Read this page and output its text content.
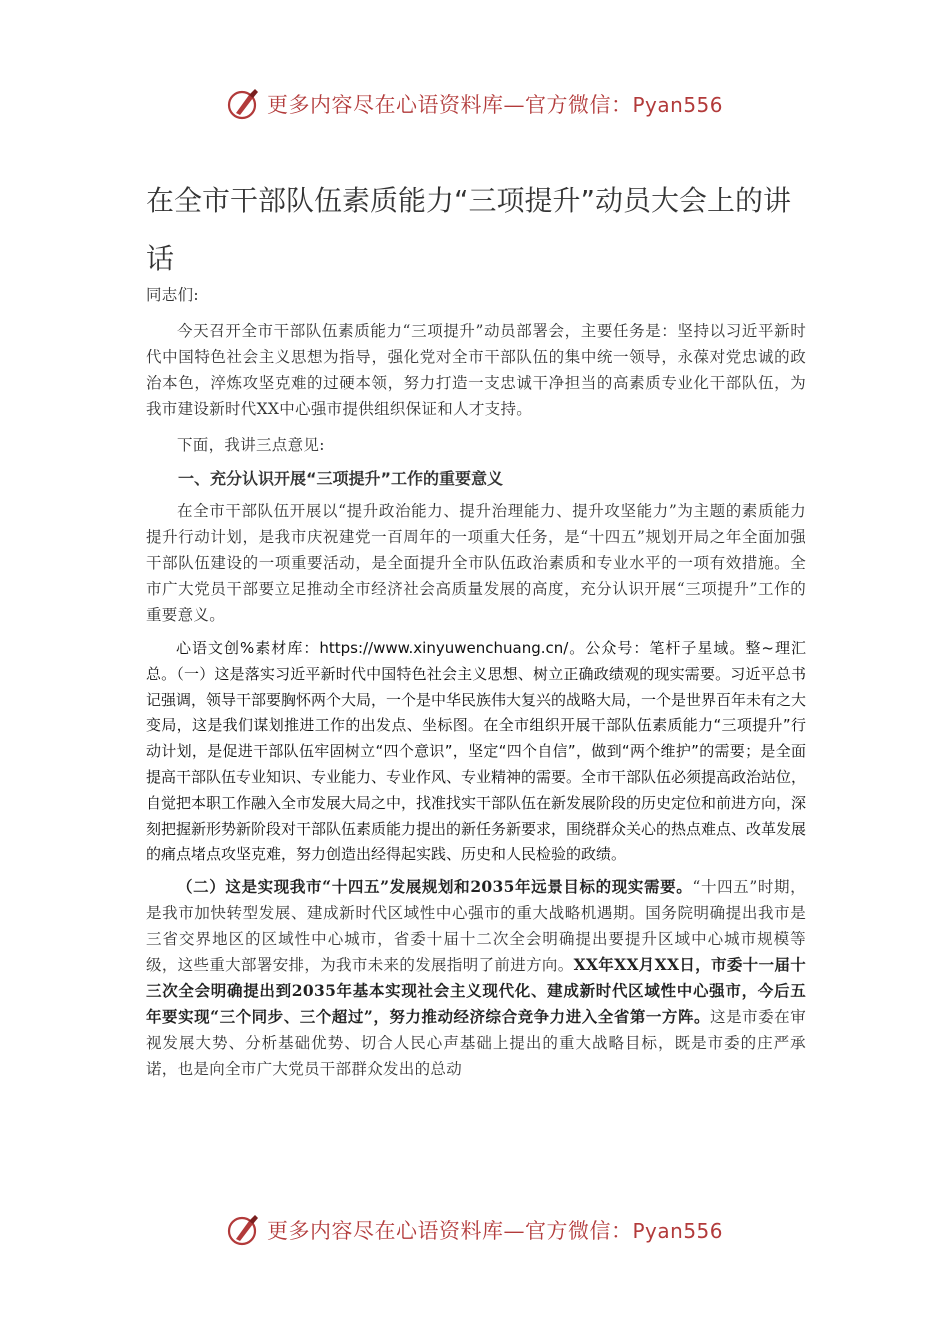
更多内容尽在心语资料库—官方微信：Pyan556
在全市干部队伍素质能力“三项提升”动员大会上的讲话

同志们:

今天召开全市干部队伍素质能力“三项提升”动员部署会，主要任务是：坚持以习近平新时代中国特色社会主义思想为指导，强化党对全市干部队伍的集中统一领导，永葆对党忠诚的政治本色，淬炼攻坚克难的过硬本领，努力打造一支忠诚干净担当的高素质专业化干部队伍，为我市建设新时代XX中心强市提供组织保证和人才支持。

下面，我讲三点意见:

一、充分认识开展“三项提升”工作的重要意义

在全市干部队伍开展以“提升政治能力、提升治理能力、提升攻坚能力”为主题的素质能力提升行动计划，是我市庆祝建党一百周年的一项重大任务，是“十四五”规划开局之年全面加强干部队伍建设的一项重要活动，是全面提升全市队伍政治素质和专业水平的一项有效措施。全市广大党员干部要立足推动全市经济社会高质量发展的高度，充分认识开展“三项提升”工作的重要意义。

心语文创%素材库：https://www.xinyuwenchuang.cn/。公众号：笔杆子星域。整~理汇总。（一）这是落实习近平新时代中国特色社会主义思想、树立正确政绩观的现实需要。习近平总书记强调，领导干部要胸怀两个大局，一个是中华民族伟大复兴的战略大局，一个是世界百年未有之大变局，这是我们谋划推进工作的出发点、坐标图。在全市组织开展干部队伍素质能力“三项提升”行动计划，是促进干部队伍牢固树立“四个意识”，坚定“四个自信”，做到“两个维护”的需要；是全面提高干部队伍专业知识、专业能力、专业作风、专业精神的需要。全市干部队伍必须提高政治站位，自觉把本职工作融入全市发展大局之中，找准找实干部队伍在新发展阶段的历史定位和前进方向，深刻把握新形势新阶段对干部队伍素质能力提出的新任务新要求，围绕群众关心的热点难点、改革发展的痛点堵点攻坚克难，努力创造出经得起实践、历史和人民检验的政绩。

（二）这是实现我市“十四五”发展规划和2035年远景目标的现实需要。“十四五”时期，是我市加快转型发展、建成新时代区域性中心强市的重大战略机遇期。国务院明确提出我市是三省交界地区的区域性中心城市，省委十届十二次全会明确提出要提升区域中心城市规模等级，这些重大部署安排，为我市未来的发展指明了前进方向。XX年XX月XX日，市委十一届十三次全会明确提出到2035年基本实现社会主义现代化、建成新时代区域性中心强市，今后五年要实现“三个同步、三个超过”，努力推动经济综合竞争力进入全省第一方阵。这是市委在审视发展大势、分析基础优势、切合人民心声基础上提出的重大战略目标，既是市委的庄严承诺，也是向全市广大党员干部群众发出的总动

更多内容尽在心语资料库—官方微信：Pyan556
